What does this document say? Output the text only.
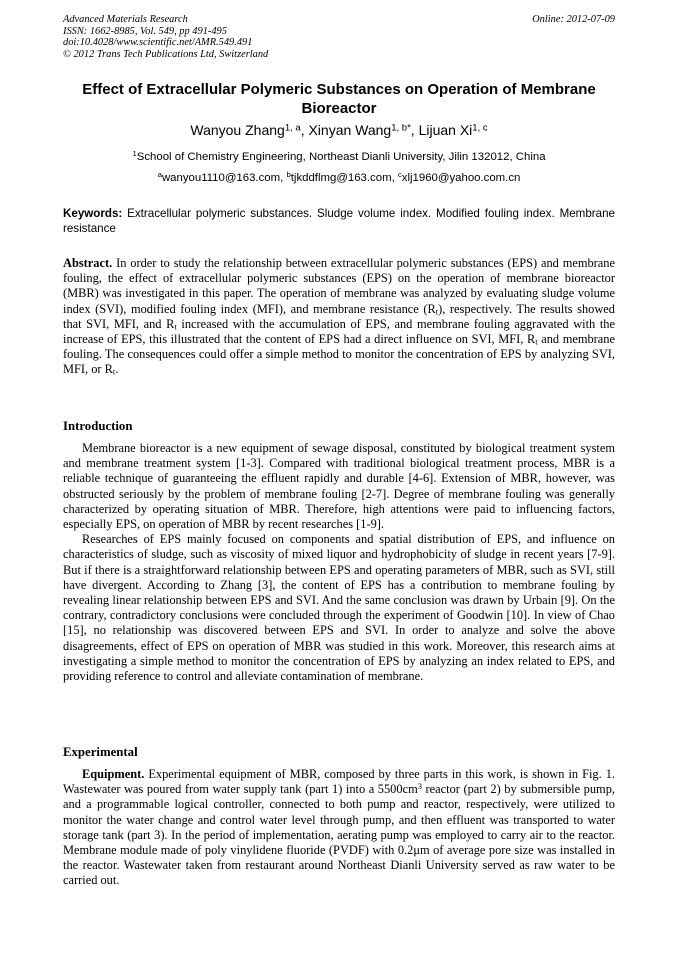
Advanced Materials Research
ISSN: 1662-8985, Vol. 549, pp 491-495
doi:10.4028/www.scientific.net/AMR.549.491
© 2012 Trans Tech Publications Ltd, Switzerland
Online: 2012-07-09
Effect of Extracellular Polymeric Substances on Operation of Membrane Bioreactor
Wanyou Zhang$^{1, a}$, Xinyan Wang$^{1, b*}$, Lijuan Xi$^{1, c}$
$^1$School of Chemistry Engineering, Northeast Dianli University, Jilin 132012, China
$^a$wanyou1110@163.com, $^b$tjkddflmg@163.com, $^c$xlj1960@yahoo.com.cn
Keywords: Extracellular polymeric substances. Sludge volume index. Modified fouling index. Membrane resistance

Abstract. In order to study the relationship between extracellular polymeric substances (EPS) and membrane fouling, the effect of extracellular polymeric substances (EPS) on the operation of membrane bioreactor (MBR) was investigated in this paper. The operation of membrane was analyzed by evaluating sludge volume index (SVI), modified fouling index (MFI), and membrane resistance $(R_t)$, respectively. The results showed that SVI, MFI, and $R_t$ increased with the accumulation of EPS, and membrane fouling aggravated with the increase of EPS, this illustrated that the content of EPS had a direct influence on SVI, MFI, $R_t$ and membrane fouling. The consequences could offer a simple method to monitor the concentration of EPS by analyzing SVI, MFI, or $R_t$.

Introduction

Membrane bioreactor is a new equipment of sewage disposal, constituted by biological treatment system and membrane treatment system [1-3]. Compared with traditional biological treatment process, MBR is a reliable technique of guaranteeing the effluent rapidly and durable [4-6]. Extension of MBR, however, was obstructed seriously by the problem of membrane fouling [2-7]. Degree of membrane fouling was generally characterized by operating situation of MBR. Therefore, high attentions were paid to influencing factors, especially EPS, on operation of MBR by recent researches [1-9].

Researches of EPS mainly focused on components and spatial distribution of EPS, and influence on characteristics of sludge, such as viscosity of mixed liquor and hydrophobicity of sludge in recent years [7-9]. But if there is a straightforward relationship between EPS and operating parameters of MBR, such as SVI, still have divergent. According to Zhang [3], the content of EPS has a contribution to membrane fouling by revealing linear relationship between EPS and SVI. And the same conclusion was drawn by Urbain [9]. On the contrary, contradictory conclusions were concluded through the experiment of Goodwin [10]. In view of Chao [15], no relationship was discovered between EPS and SVI. In order to analyze and solve the above disagreements, effect of EPS on operation of MBR was studied in this work. Moreover, this research aims at investigating a simple method to monitor the concentration of EPS by analyzing an index related to EPS, and providing reference to control and alleviate contamination of membrane.

Experimental

Equipment. Experimental equipment of MBR, composed by three parts in this work, is shown in Fig. 1. Wastewater was poured from water supply tank (part 1) into a $5500cm^3$ reactor (part 2) by submersible pump, and a programmable logical controller, connected to both pump and reactor, respectively, were utilized to monitor the water change and control water level through pump, and then effluent was transported to water storage tank (part 3). In the period of implementation, aerating pump was employed to carry air to the reactor. Membrane module made of poly vinylidene fluoride (PVDF) with 0.2μm of average pore size was installed in the reactor. Wastewater taken from restaurant around Northeast Dianli University served as raw water to be carried out.
